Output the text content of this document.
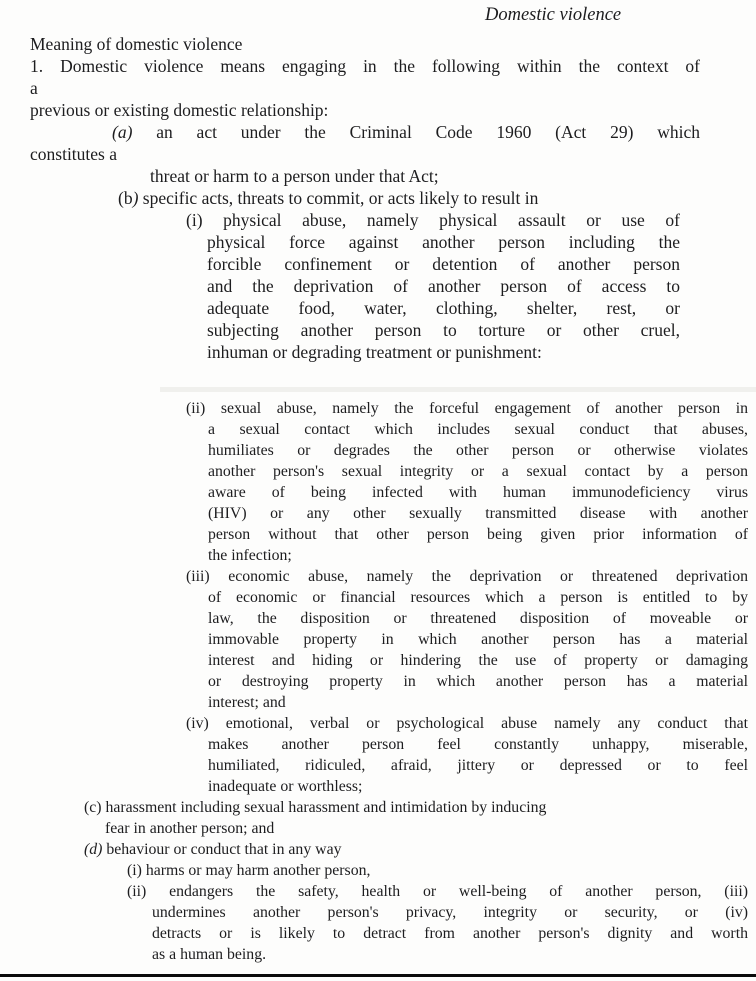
Domestic violence
Meaning of domestic violence
1. Domestic violence means engaging in the following within the context of
a
previous or existing domestic relationship:
(a) an act under the Criminal Code 1960 (Act 29) which
constitutes a
threat or harm to a person under that Act;
(b) specific acts, threats to commit, or acts likely to result in
(i) physical abuse, namely physical assault or use of
physical force against another person including the
forcible confinement or detention of another person
and the deprivation of another person of access to
adequate food, water, clothing, shelter, rest, or
subjecting another person to torture or other cruel,
inhuman or degrading treatment or punishment:
(ii) sexual abuse, namely the forceful engagement of another person in
a sexual contact which includes sexual conduct that abuses,
humiliates or degrades the other person or otherwise violates
another person's sexual integrity or a sexual contact by a person
aware of being infected with human immunodeficiency virus
(HIV) or any other sexually transmitted disease with another
person without that other person being given prior information of
the infection;
(iii) economic abuse, namely the deprivation or threatened deprivation
of economic or financial resources which a person is entitled to by
law, the disposition or threatened disposition of moveable or
immovable property in which another person has a material
interest and hiding or hindering the use of property or damaging
or destroying property in which another person has a material
interest; and
(iv) emotional, verbal or psychological abuse namely any conduct that
makes another person feel constantly unhappy, miserable,
humiliated, ridiculed, afraid, jittery or depressed or to feel
inadequate or worthless;
(c) harassment including sexual harassment and intimidation by inducing
fear in another person; and
(d) behaviour or conduct that in any way
(i) harms or may harm another person,
(ii) endangers the safety, health or well-being of another person, (iii)
undermines another person's privacy, integrity or security, or (iv)
detracts or is likely to detract from another person's dignity and worth
as a human being.
